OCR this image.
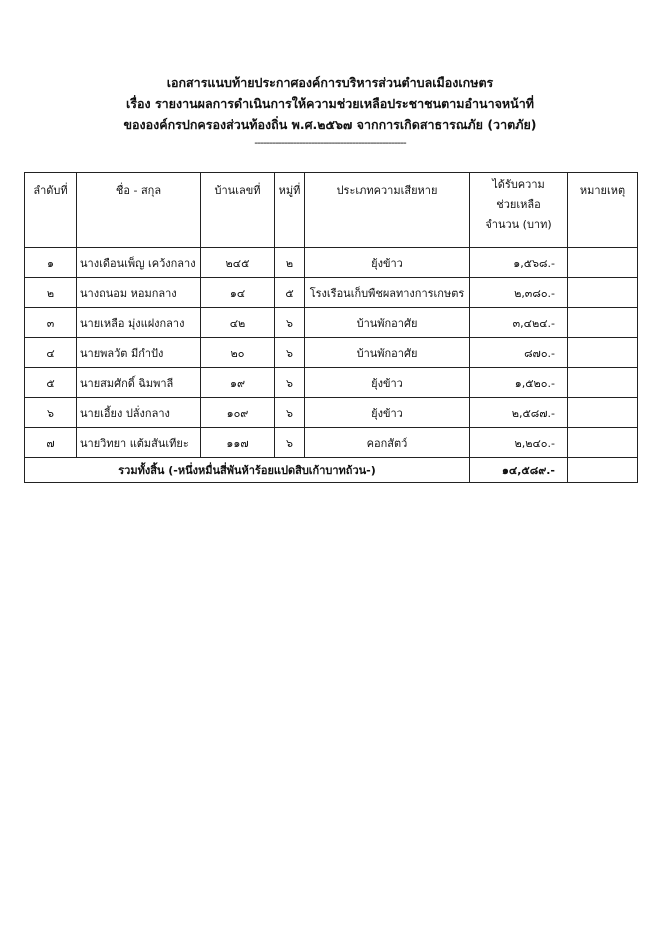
เอกสารแนบท้ายประกาศองค์การบริหารส่วนตำบลเมืองเกษตร
เรื่อง รายงานผลการดำเนินการให้ความช่วยเหลือประชาชนตามอำนาจหน้าที่
ขององค์กรปกครองส่วนท้องถิ่น พ.ศ.๒๕๖๗ จากการเกิดสาธารณภัย (วาตภัย)
---------------------------------------------------
ลำดับที่	ชื่อ - สกุล	บ้านเลขที่	หมู่ที่	ประเภทความเสียหาย	ได้รับความ
ช่วยเหลือ
จำนวน (บาท)	หมายเหตุ
๑	นางเดือนเพ็ญ เคว้งกลาง	๒๔๕	๒	ยุ้งข้าว	๑,๕๖๘.-	
๒	นางถนอม หอมกลาง	๑๔	๕	โรงเรือนเก็บพืชผลทางการเกษตร	๒,๓๘๐.-	
๓	นายเหลือ มุ่งแฝงกลาง	๔๒	๖	บ้านพักอาศัย	๓,๔๒๔.-	
๔	นายพลวัต มีกำปัง	๒๐	๖	บ้านพักอาศัย	๘๗๐.-	
๕	นายสมศักดิ์ ฉิมพาลี	๑๙	๖	ยุ้งข้าว	๑,๕๒๐.-	
๖	นายเอี้ยง ปลั่งกลาง	๑๐๙	๖	ยุ้งข้าว	๒,๕๘๗.-	
๗	นายวิทยา แต้มสันเทียะ	๑๑๗	๖	คอกสัตว์	๒,๒๔๐.-	
รวมทั้งสิ้น (-หนึ่งหมื่นสี่พันห้าร้อยแปดสิบเก้าบาทถ้วน-)					๑๔,๕๘๙.-	
